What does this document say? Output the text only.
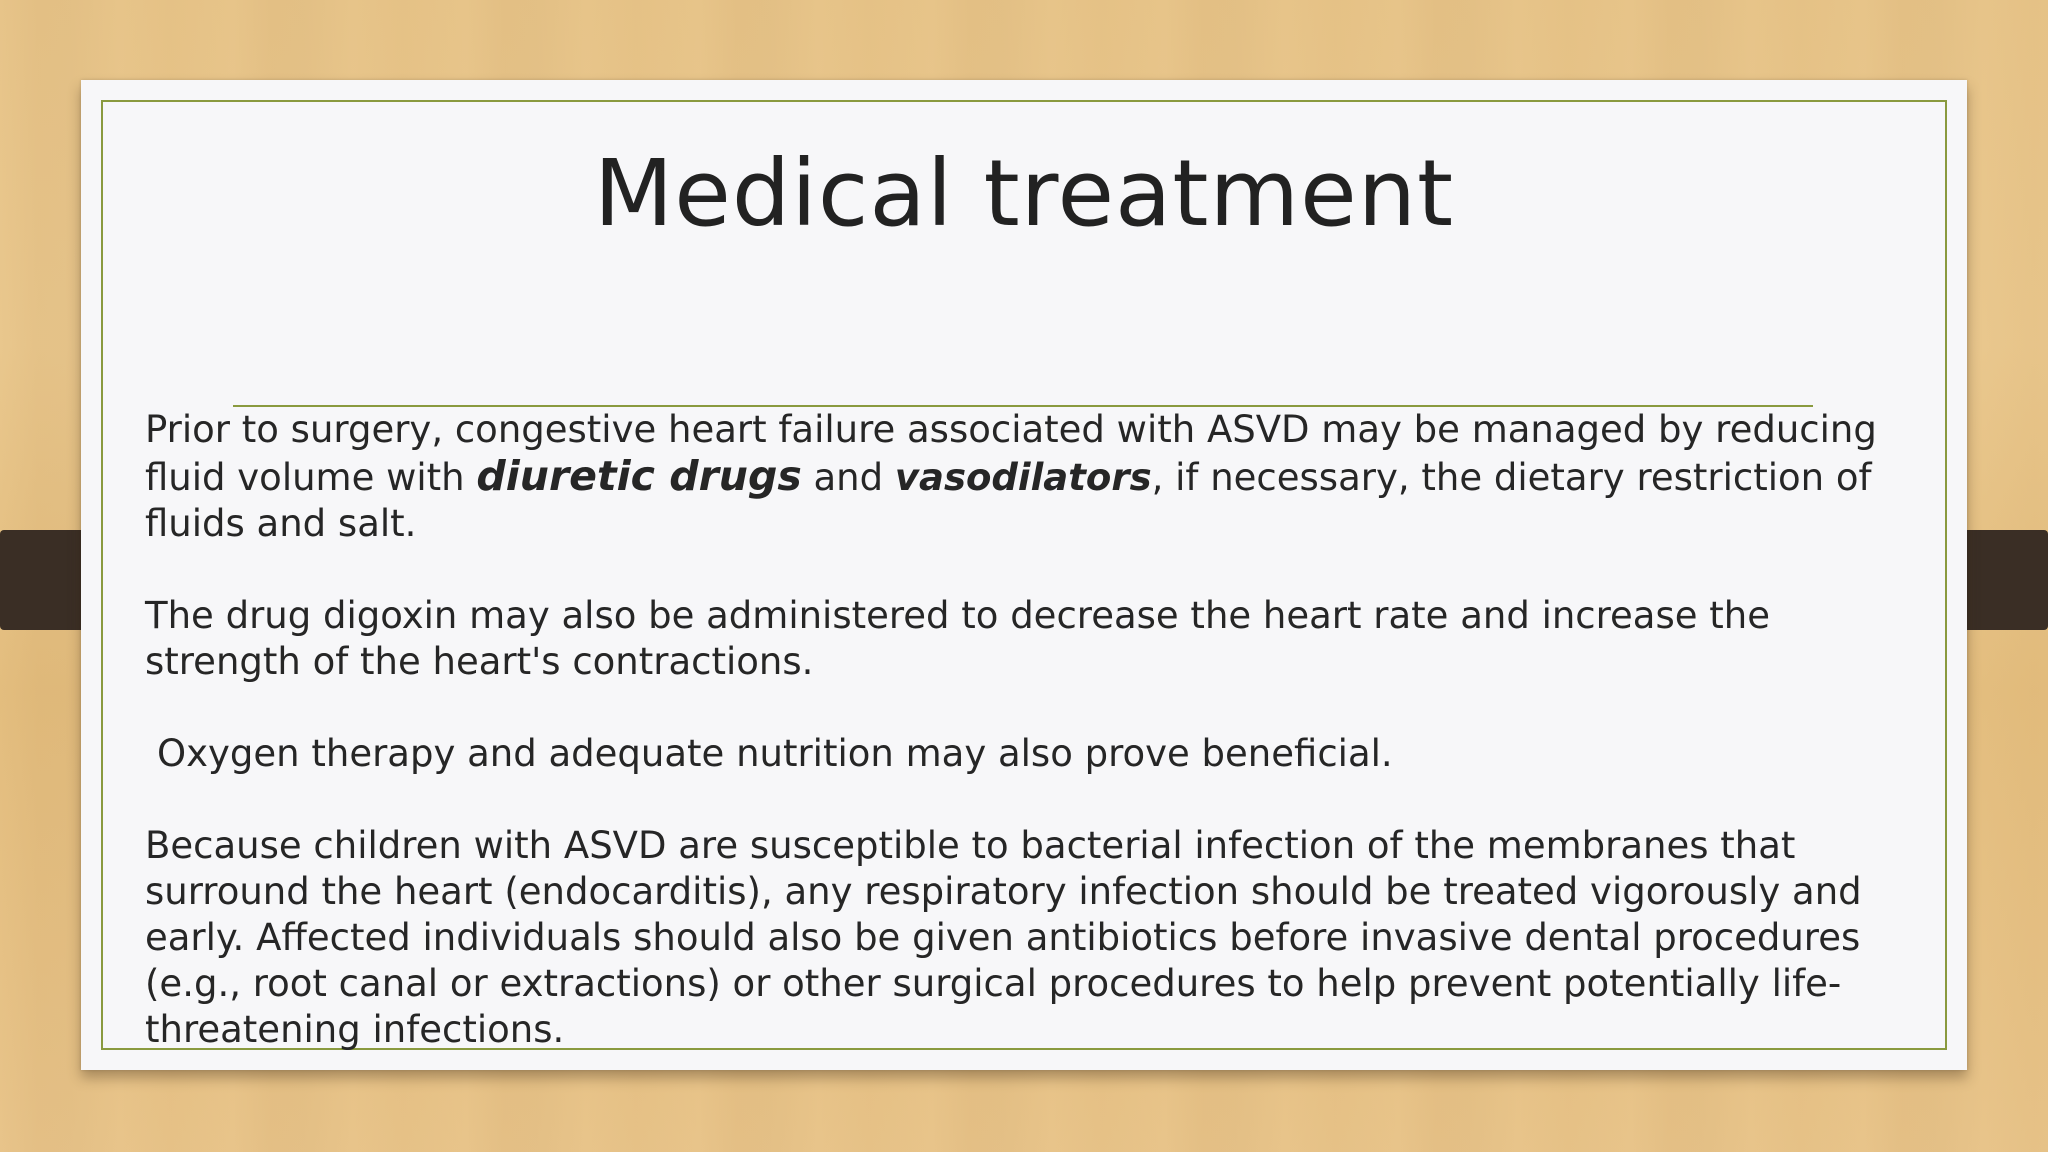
Medical treatment

Prior to surgery, congestive heart failure associated with ASVD may be managed by reducing fluid volume with diuretic drugs and vasodilators, if necessary, the dietary restriction of fluids and salt.

The drug digoxin may also be administered to decrease the heart rate and increase the strength of the heart's contractions.

Oxygen therapy and adequate nutrition may also prove beneficial.

Because children with ASVD are susceptible to bacterial infection of the membranes that surround the heart (endocarditis), any respiratory infection should be treated vigorously and early. Affected individuals should also be given antibiotics before invasive dental procedures (e.g., root canal or extractions) or other surgical procedures to help prevent potentially life-threatening infections.
